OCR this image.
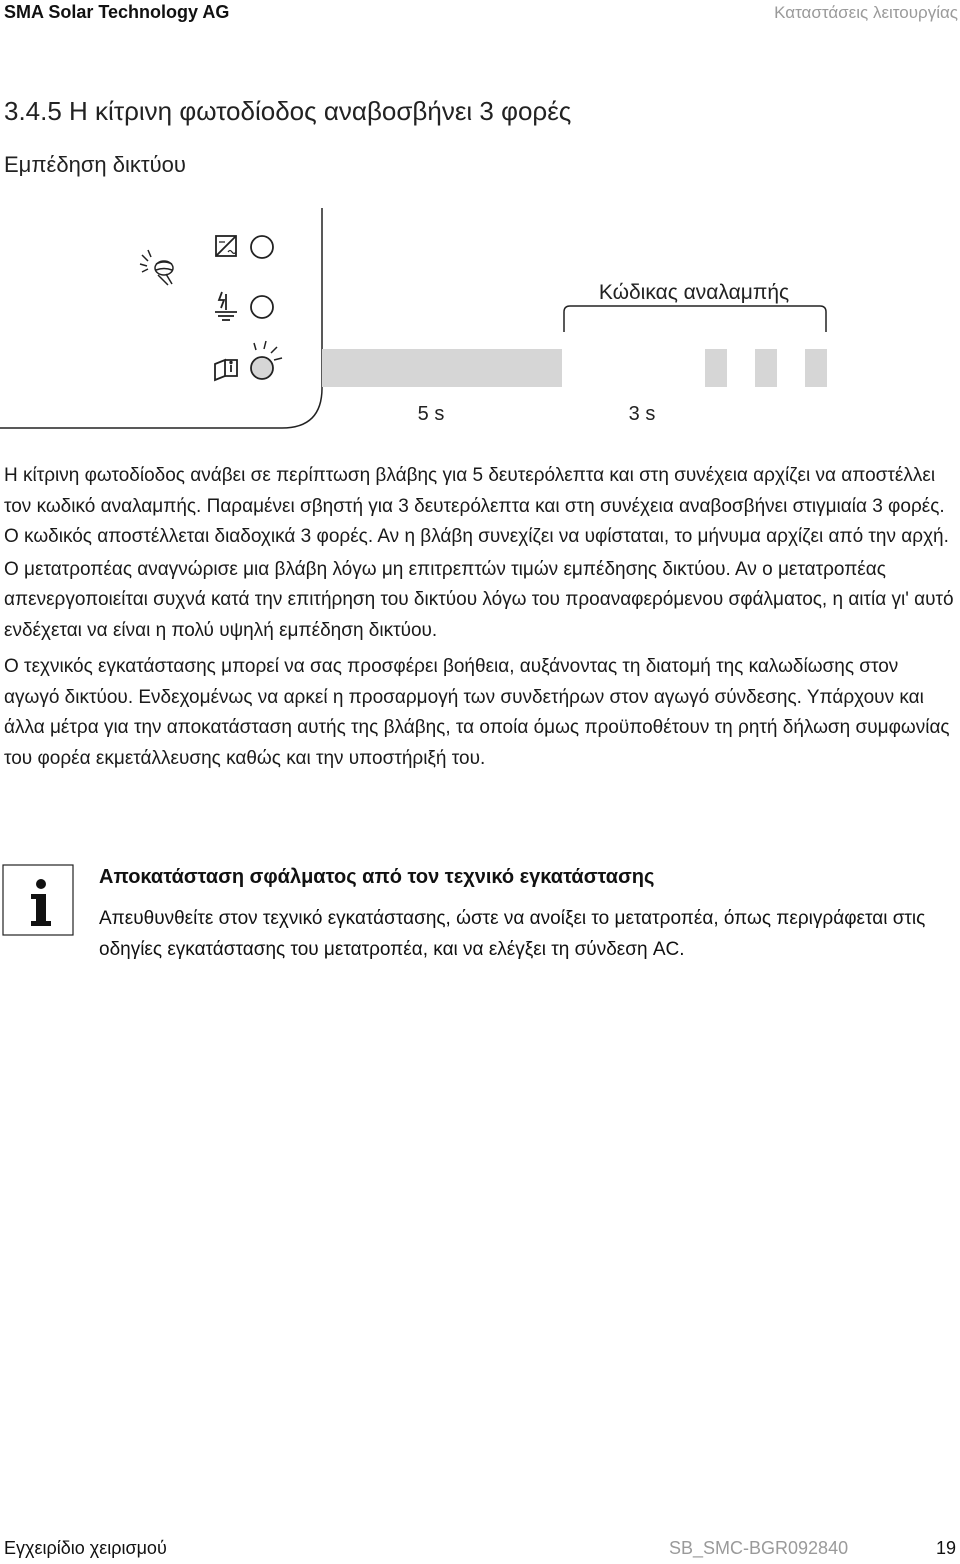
SMA Solar Technology AG	Καταστάσεις λειτουργίας
3.4.5 Η κίτρινη φωτοδίοδος αναβοσβήνει 3 φορές
Εμπέδηση δικτύου
Κώδικας αναλαμπής
5 s	3 s

Η κίτρινη φωτοδίοδος ανάβει σε περίπτωση βλάβης για 5 δευτερόλεπτα και στη συνέχεια αρχίζει να αποστέλλει τον κωδικό αναλαμπής. Παραμένει σβηστή για 3 δευτερόλεπτα και στη συνέχεια αναβοσβήνει στιγμιαία 3 φορές. Ο κωδικός αποστέλλεται διαδοχικά 3 φορές. Αν η βλάβη συνεχίζει να υφίσταται, το μήνυμα αρχίζει από την αρχή.

Ο μετατροπέας αναγνώρισε μια βλάβη λόγω μη επιτρεπτών τιμών εμπέδησης δικτύου. Αν ο μετατροπέας απενεργοποιείται συχνά κατά την επιτήρηση του δικτύου λόγω του προαναφερόμενου σφάλματος, η αιτία γι' αυτό ενδέχεται να είναι η πολύ υψηλή εμπέδηση δικτύου.

Ο τεχνικός εγκατάστασης μπορεί να σας προσφέρει βοήθεια, αυξάνοντας τη διατομή της καλωδίωσης στον αγωγό δικτύου. Ενδεχομένως να αρκεί η προσαρμογή των συνδετήρων στον αγωγό σύνδεσης. Υπάρχουν και άλλα μέτρα για την αποκατάσταση αυτής της βλάβης, τα οποία όμως προϋποθέτουν τη ρητή δήλωση συμφωνίας του φορέα εκμετάλλευσης καθώς και την υποστήριξή του.

Αποκατάσταση σφάλματος από τον τεχνικό εγκατάστασης
Απευθυνθείτε στον τεχνικό εγκατάστασης, ώστε να ανοίξει το μετατροπέα, όπως περιγράφεται στις οδηγίες εγκατάστασης του μετατροπέα, και να ελέγξει τη σύνδεση AC.
Εγχειρίδιο χειρισμού	SB_SMC-BGR092840	19
